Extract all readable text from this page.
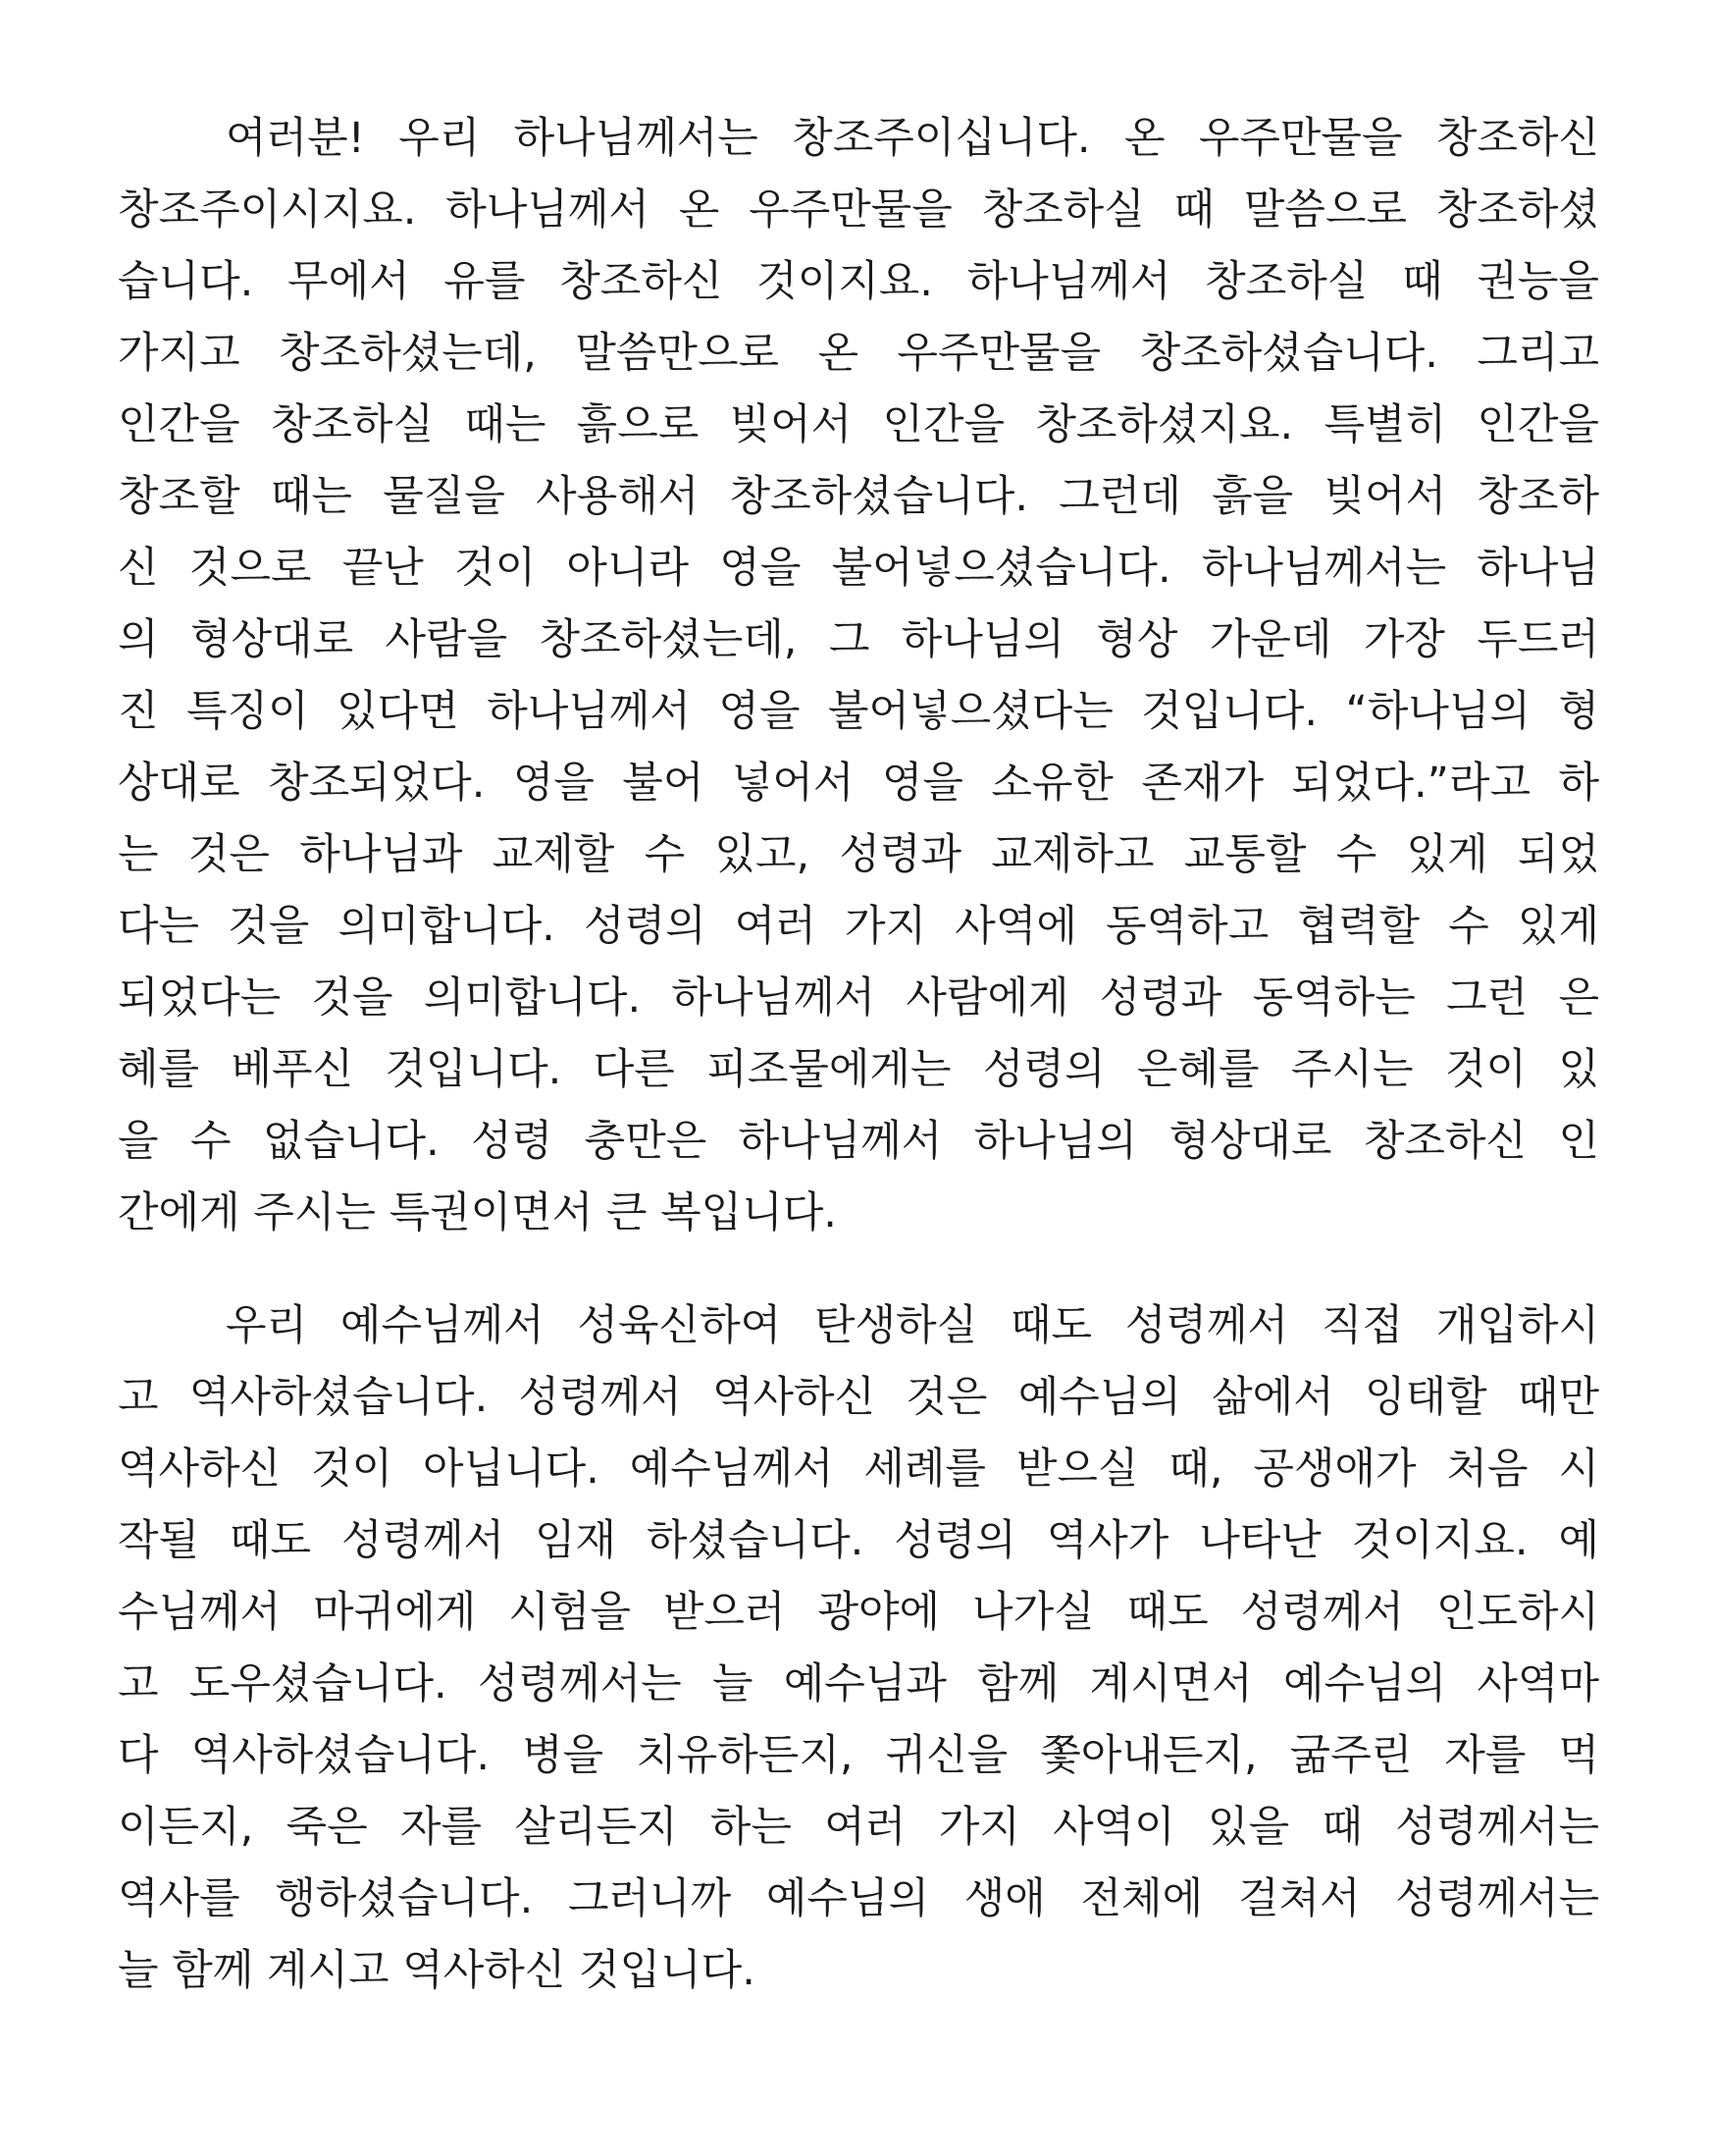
여러분! 우리 하나님께서는 창조주이십니다. 온 우주만물을 창조하신
창조주이시지요. 하나님께서 온 우주만물을 창조하실 때 말씀으로 창조하셨
습니다. 무에서 유를 창조하신 것이지요. 하나님께서 창조하실 때 권능을
가지고 창조하셨는데, 말씀만으로 온 우주만물을 창조하셨습니다. 그리고
인간을 창조하실 때는 흙으로 빚어서 인간을 창조하셨지요. 특별히 인간을
창조할 때는 물질을 사용해서 창조하셨습니다. 그런데 흙을 빚어서 창조하
신 것으로 끝난 것이 아니라 영을 불어넣으셨습니다. 하나님께서는 하나님
의 형상대로 사람을 창조하셨는데, 그 하나님의 형상 가운데 가장 두드러
진 특징이 있다면 하나님께서 영을 불어넣으셨다는 것입니다. “하나님의 형
상대로 창조되었다. 영을 불어 넣어서 영을 소유한 존재가 되었다.”라고 하
는 것은 하나님과 교제할 수 있고, 성령과 교제하고 교통할 수 있게 되었
다는 것을 의미합니다. 성령의 여러 가지 사역에 동역하고 협력할 수 있게
되었다는 것을 의미합니다. 하나님께서 사람에게 성령과 동역하는 그런 은
혜를 베푸신 것입니다. 다른 피조물에게는 성령의 은혜를 주시는 것이 있
을 수 없습니다. 성령 충만은 하나님께서 하나님의 형상대로 창조하신 인
간에게 주시는 특권이면서 큰 복입니다.
우리 예수님께서 성육신하여 탄생하실 때도 성령께서 직접 개입하시
고 역사하셨습니다. 성령께서 역사하신 것은 예수님의 삶에서 잉태할 때만
역사하신 것이 아닙니다. 예수님께서 세례를 받으실 때, 공생애가 처음 시
작될 때도 성령께서 임재 하셨습니다. 성령의 역사가 나타난 것이지요. 예
수님께서 마귀에게 시험을 받으러 광야에 나가실 때도 성령께서 인도하시
고 도우셨습니다. 성령께서는 늘 예수님과 함께 계시면서 예수님의 사역마
다 역사하셨습니다. 병을 치유하든지, 귀신을 쫓아내든지, 굶주린 자를 먹
이든지, 죽은 자를 살리든지 하는 여러 가지 사역이 있을 때 성령께서는
역사를 행하셨습니다. 그러니까 예수님의 생애 전체에 걸쳐서 성령께서는
늘 함께 계시고 역사하신 것입니다.
